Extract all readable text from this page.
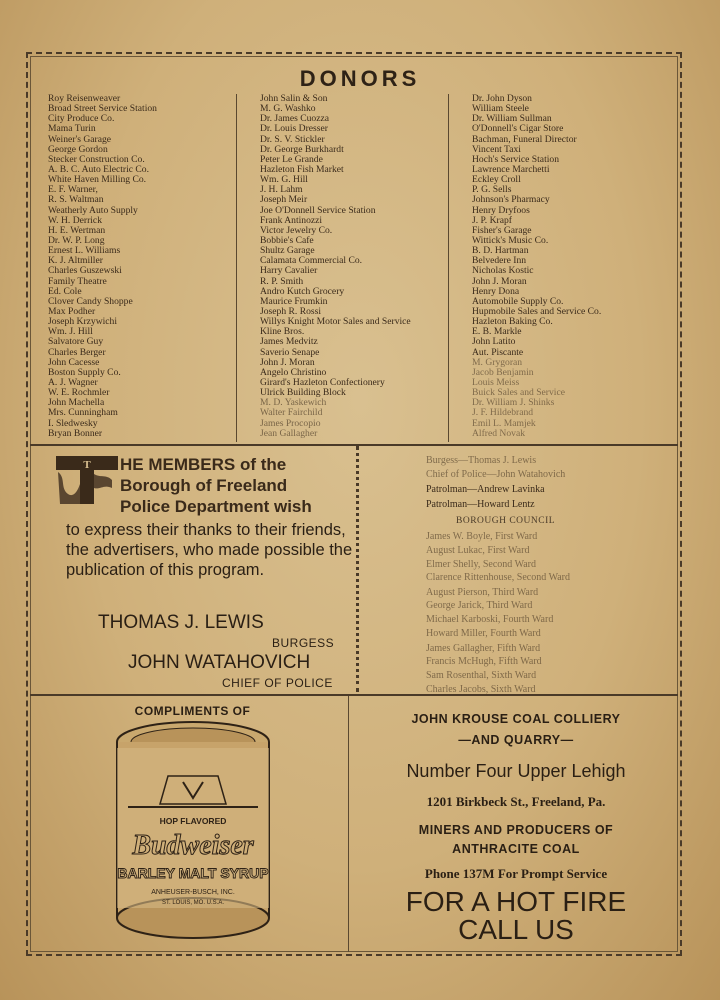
DONORS
Roy Reisenweaver
Broad Street Service Station
City Produce Co.
Mama Turin
Weiner's Garage
George Gordon
Stecker Construction Co.
A. B. C. Auto Electric Co.
White Haven Milling Co.
E. F. Warner,
R. S. Waltman
Weatherly Auto Supply
W. H. Derrick
H. E. Wertman
Dr. W. P. Long
Ernest L. Williams
K. J. Altmiller
Charles Guszewski
Family Theatre
Ed. Cole
Clover Candy Shoppe
Max Podher
Joseph Krzywichi
Wm. J. Hill
Salvatore Guy
Charles Berger
John Cacesse
Boston Supply Co.
A. J. Wagner
W. E. Rochmler
John Machella
Mrs. Cunningham
I. Sledwesky
Bryan Bonner
John Salin & Son
M. G. Washko
Dr. James Cuozza
Dr. Louis Dresser
Dr. S. V. Stickler
Dr. George Burkhardt
Peter Le Grande
Hazleton Fish Market
Wm. G. Hill
J. H. Lahm
Joseph Meir
Joe O'Donnell Service Station
Frank Antinozzi
Victor Jewelry Co.
Bobbie's Cafe
Shultz Garage
Calamata Commercial Co.
Harry Cavalier
R. P. Smith
Andro Kutch Grocery
Maurice Frumkin
Joseph R. Rossi
Willys Knight Motor Sales and Service
Kline Bros.
James Medvitz
Saverio Senape
John J. Moran
Angelo Christino
Girard's Hazleton Confectionery
Ulrick Building Block
M. D. Yaskewich
Walter Fairchild
James Procopio
Jean Gallagher
Dr. John Dyson
William Steele
Dr. William Sullman
O'Donnell's Cigar Store
Bachman, Funeral Director
Vincent Taxi
Hoch's Service Station
Lawrence Marchetti
Eckley Croll
P. G. Sells
Johnson's Pharmacy
Henry Dryfoos
J. P. Krapf
Fisher's Garage
Wittick's Music Co.
B. D. Hartman
Belvedere Inn
Nicholas Kostic
John J. Moran
Henry Dona
Automobile Supply Co.
Hupmobile Sales and Service Co.
Hazleton Baking Co.
E. B. Markle
John Latito
Aut. Piscante
M. Grygoran
Jacob Benjamin
Louis Meiss
Buick Sales and Service
Dr. William J. Shinks
J. F. Hildebrand
Emil L. Mamjek
Alfred Novak
T HE MEMBERS of the
Borough of Freeland
Police Department wish
to express their thanks to their friends, the advertisers, who made possible the publication of this program.
THOMAS J. LEWIS
BURGESS
JOHN WATAHOVICH
CHIEF OF POLICE
Burgess—Thomas J. Lewis
Chief of Police—John Watahovich
Patrolman—Andrew Lavinka
Patrolman—Howard Lentz
BOROUGH COUNCIL
James W. Boyle, First Ward
August Lukac, First Ward
Elmer Shelly, Second Ward
Clarence Rittenhouse, Second Ward
August Pierson, Third Ward
George Jarick, Third Ward
Michael Karboski, Fourth Ward
Howard Miller, Fourth Ward
James Gallagher, Fifth Ward
Francis McHugh, Fifth Ward
Sam Rosenthal, Sixth Ward
Charles Jacobs, Sixth Ward
COMPLIMENTS OF
HOP FLAVORED
Budweiser
BARLEY MALT SYRUP
ANHEUSER-BUSCH, INC.
ST. LOUIS, MO. U.S.A.
JOHN KROUSE COAL COLLIERY
—AND QUARRY—
Number Four Upper Lehigh
1201 Birkbeck St., Freeland, Pa.
MINERS AND PRODUCERS OF
ANTHRACITE COAL
Phone 137M For Prompt Service
FOR A HOT FIRE
CALL US
